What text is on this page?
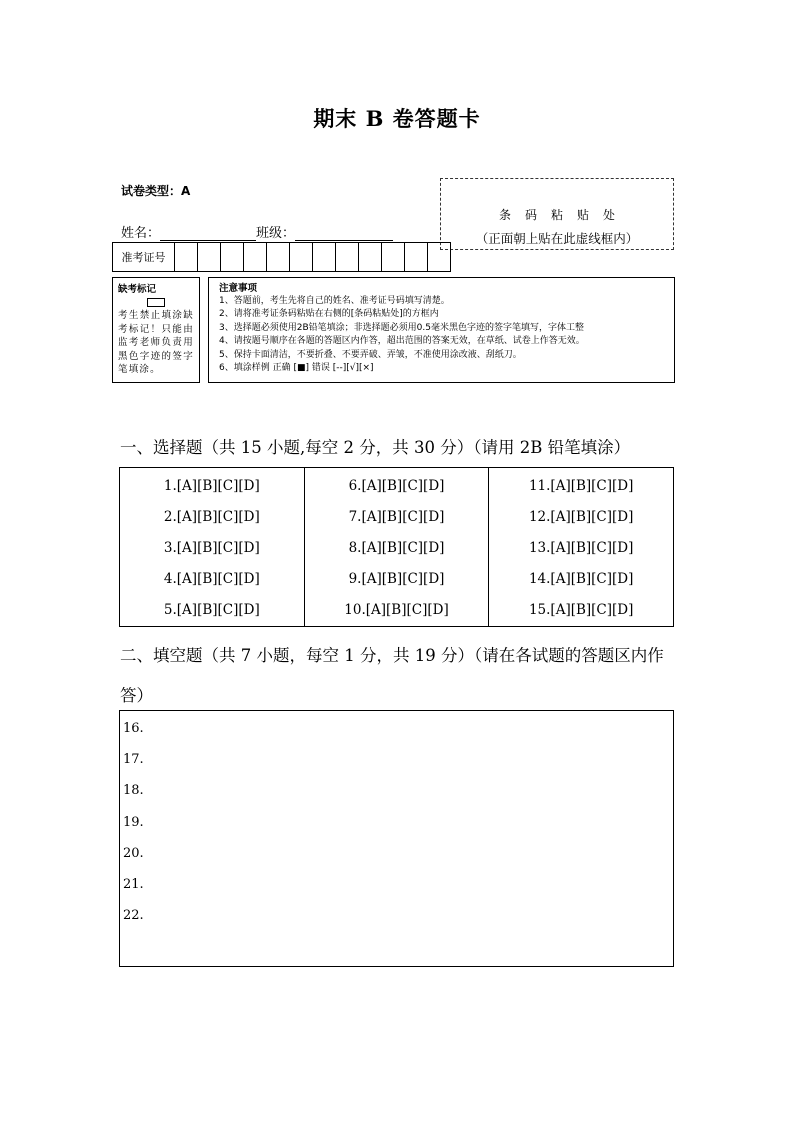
期末 B 卷答题卡
试卷类型：A
姓名：	班级：
条码粘贴处
（正面朝上贴在此虚线框内）
准考证号
缺考标记
考生禁止填涂缺考标记！只能由监考老师负责用黑色字迹的签字笔填涂。
注意事项
1、答题前，考生先将自己的姓名、准考证号码填写清楚。
2、请将准考证条码粘贴在右侧的[条码粘贴处]的方框内
3、选择题必须使用2B铅笔填涂；非选择题必须用0.5毫米黑色字迹的签字笔填写，字体工整
4、请按题号顺序在各题的答题区内作答，超出范围的答案无效，在草纸、试卷上作答无效。
5、保持卡面清洁，不要折叠、不要弄破、弄皱，不准使用涂改液、刮纸刀。
6、填涂样例 正确 [■] 错误 [--][√][×]
一、选择题（共 15 小题,每空 2 分，共 30 分）（请用 2B 铅笔填涂）
1.[A][B][C][D]
2.[A][B][C][D]
3.[A][B][C][D]
4.[A][B][C][D]
5.[A][B][C][D]
6.[A][B][C][D]
7.[A][B][C][D]
8.[A][B][C][D]
9.[A][B][C][D]
10.[A][B][C][D]
11.[A][B][C][D]
12.[A][B][C][D]
13.[A][B][C][D]
14.[A][B][C][D]
15.[A][B][C][D]
二、填空题（共 7 小题，每空 1 分，共 19 分）（请在各试题的答题区内作答）
16.
17.
18.
19.
20.
21.
22.
